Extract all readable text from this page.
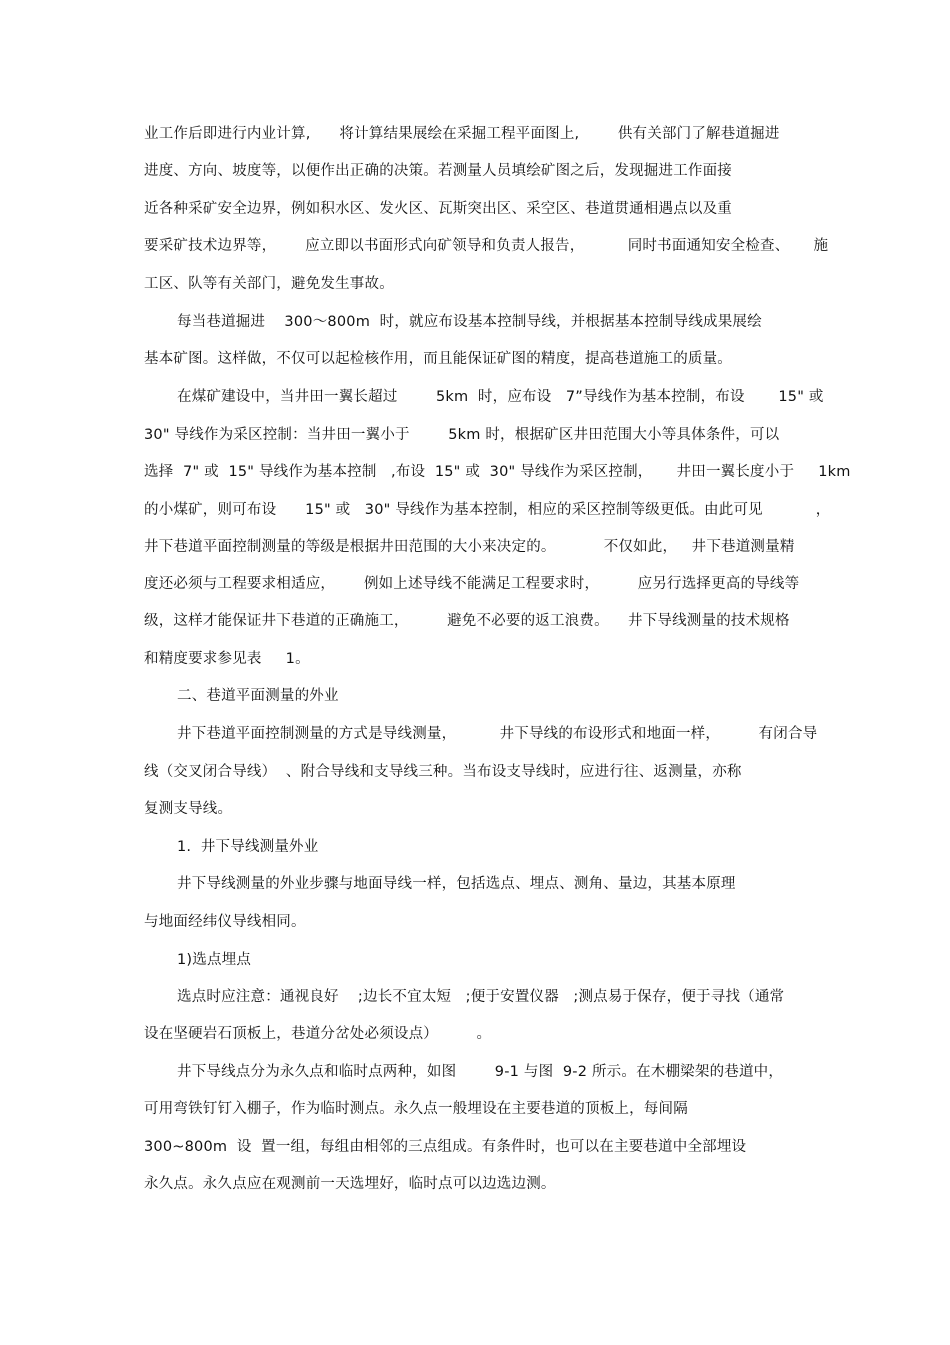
业工作后即进行内业计算,      将计算结果展绘在采掘工程平面图上,        供有关部门了解巷道掘进
进度、方向、坡度等，以便作出正确的决策。若测量人员填绘矿图之后，发现掘进工作面接
近各种采矿安全边界，例如积水区、发火区、瓦斯突出区、采空区、巷道贯通相遇点以及重
要采矿技术边界等，      应立即以书面形式向矿领导和负责人报告，         同时书面通知安全检查、     施
工区、队等有关部门，避免发生事故。
每当巷道掘进    300～800m  时，就应布设基本控制导线，并根据基本控制导线成果展绘
基本矿图。这样做，不仅可以起检核作用，而且能保证矿图的精度，提高巷道施工的质量。
在煤矿建设中，当井田一翼长超过        5km  时，应布设   7”导线作为基本控制，布设       15" 或
30" 导线作为采区控制：当井田一翼小于        5km 时，根据矿区井田范围大小等具体条件，可以
选择  7" 或  15" 导线作为基本控制   ,布设  15" 或  30" 导线作为采区控制，     井田一翼长度小于     1km
的小煤矿，则可布设      15" 或   30" 导线作为基本控制，相应的采区控制等级更低。由此可见           ，
井下巷道平面控制测量的等级是根据井田范围的大小来决定的。          不仅如此，   井下巷道测量精
度还必须与工程要求相适应，      例如上述导线不能满足工程要求时，        应另行选择更高的导线等
级，这样才能保证井下巷道的正确施工，        避免不必要的返工浪费。    井下导线测量的技术规格
和精度要求参见表     1。
二、巷道平面测量的外业
井下巷道平面控制测量的方式是导线测量，         井下导线的布设形式和地面一样，        有闭合导
线（交叉闭合导线）  、附合导线和支导线三种。当布设支导线时，应进行往、返测量，亦称
复测支导线。
1.  井下导线测量外业
井下导线测量的外业步骤与地面导线一样，包括选点、埋点、测角、量边，其基本原理
与地面经纬仪导线相同。
1)选点埋点
选点时应注意：通视良好    ;边长不宜太短   ;便于安置仪器   ;测点易于保存，便于寻找（通常
设在坚硬岩石顶板上，巷道分岔处必须设点）        。
井下导线点分为永久点和临时点两种，如图        9-1 与图  9-2 所示。在木棚梁架的巷道中，
可用弯铁钉钉入棚子，作为临时测点。永久点一般埋设在主要巷道的顶板上，每间隔
300~800m  设  置一组，每组由相邻的三点组成。有条件时，也可以在主要巷道中全部埋设
永久点。永久点应在观测前一天选埋好，临时点可以边选边测。
